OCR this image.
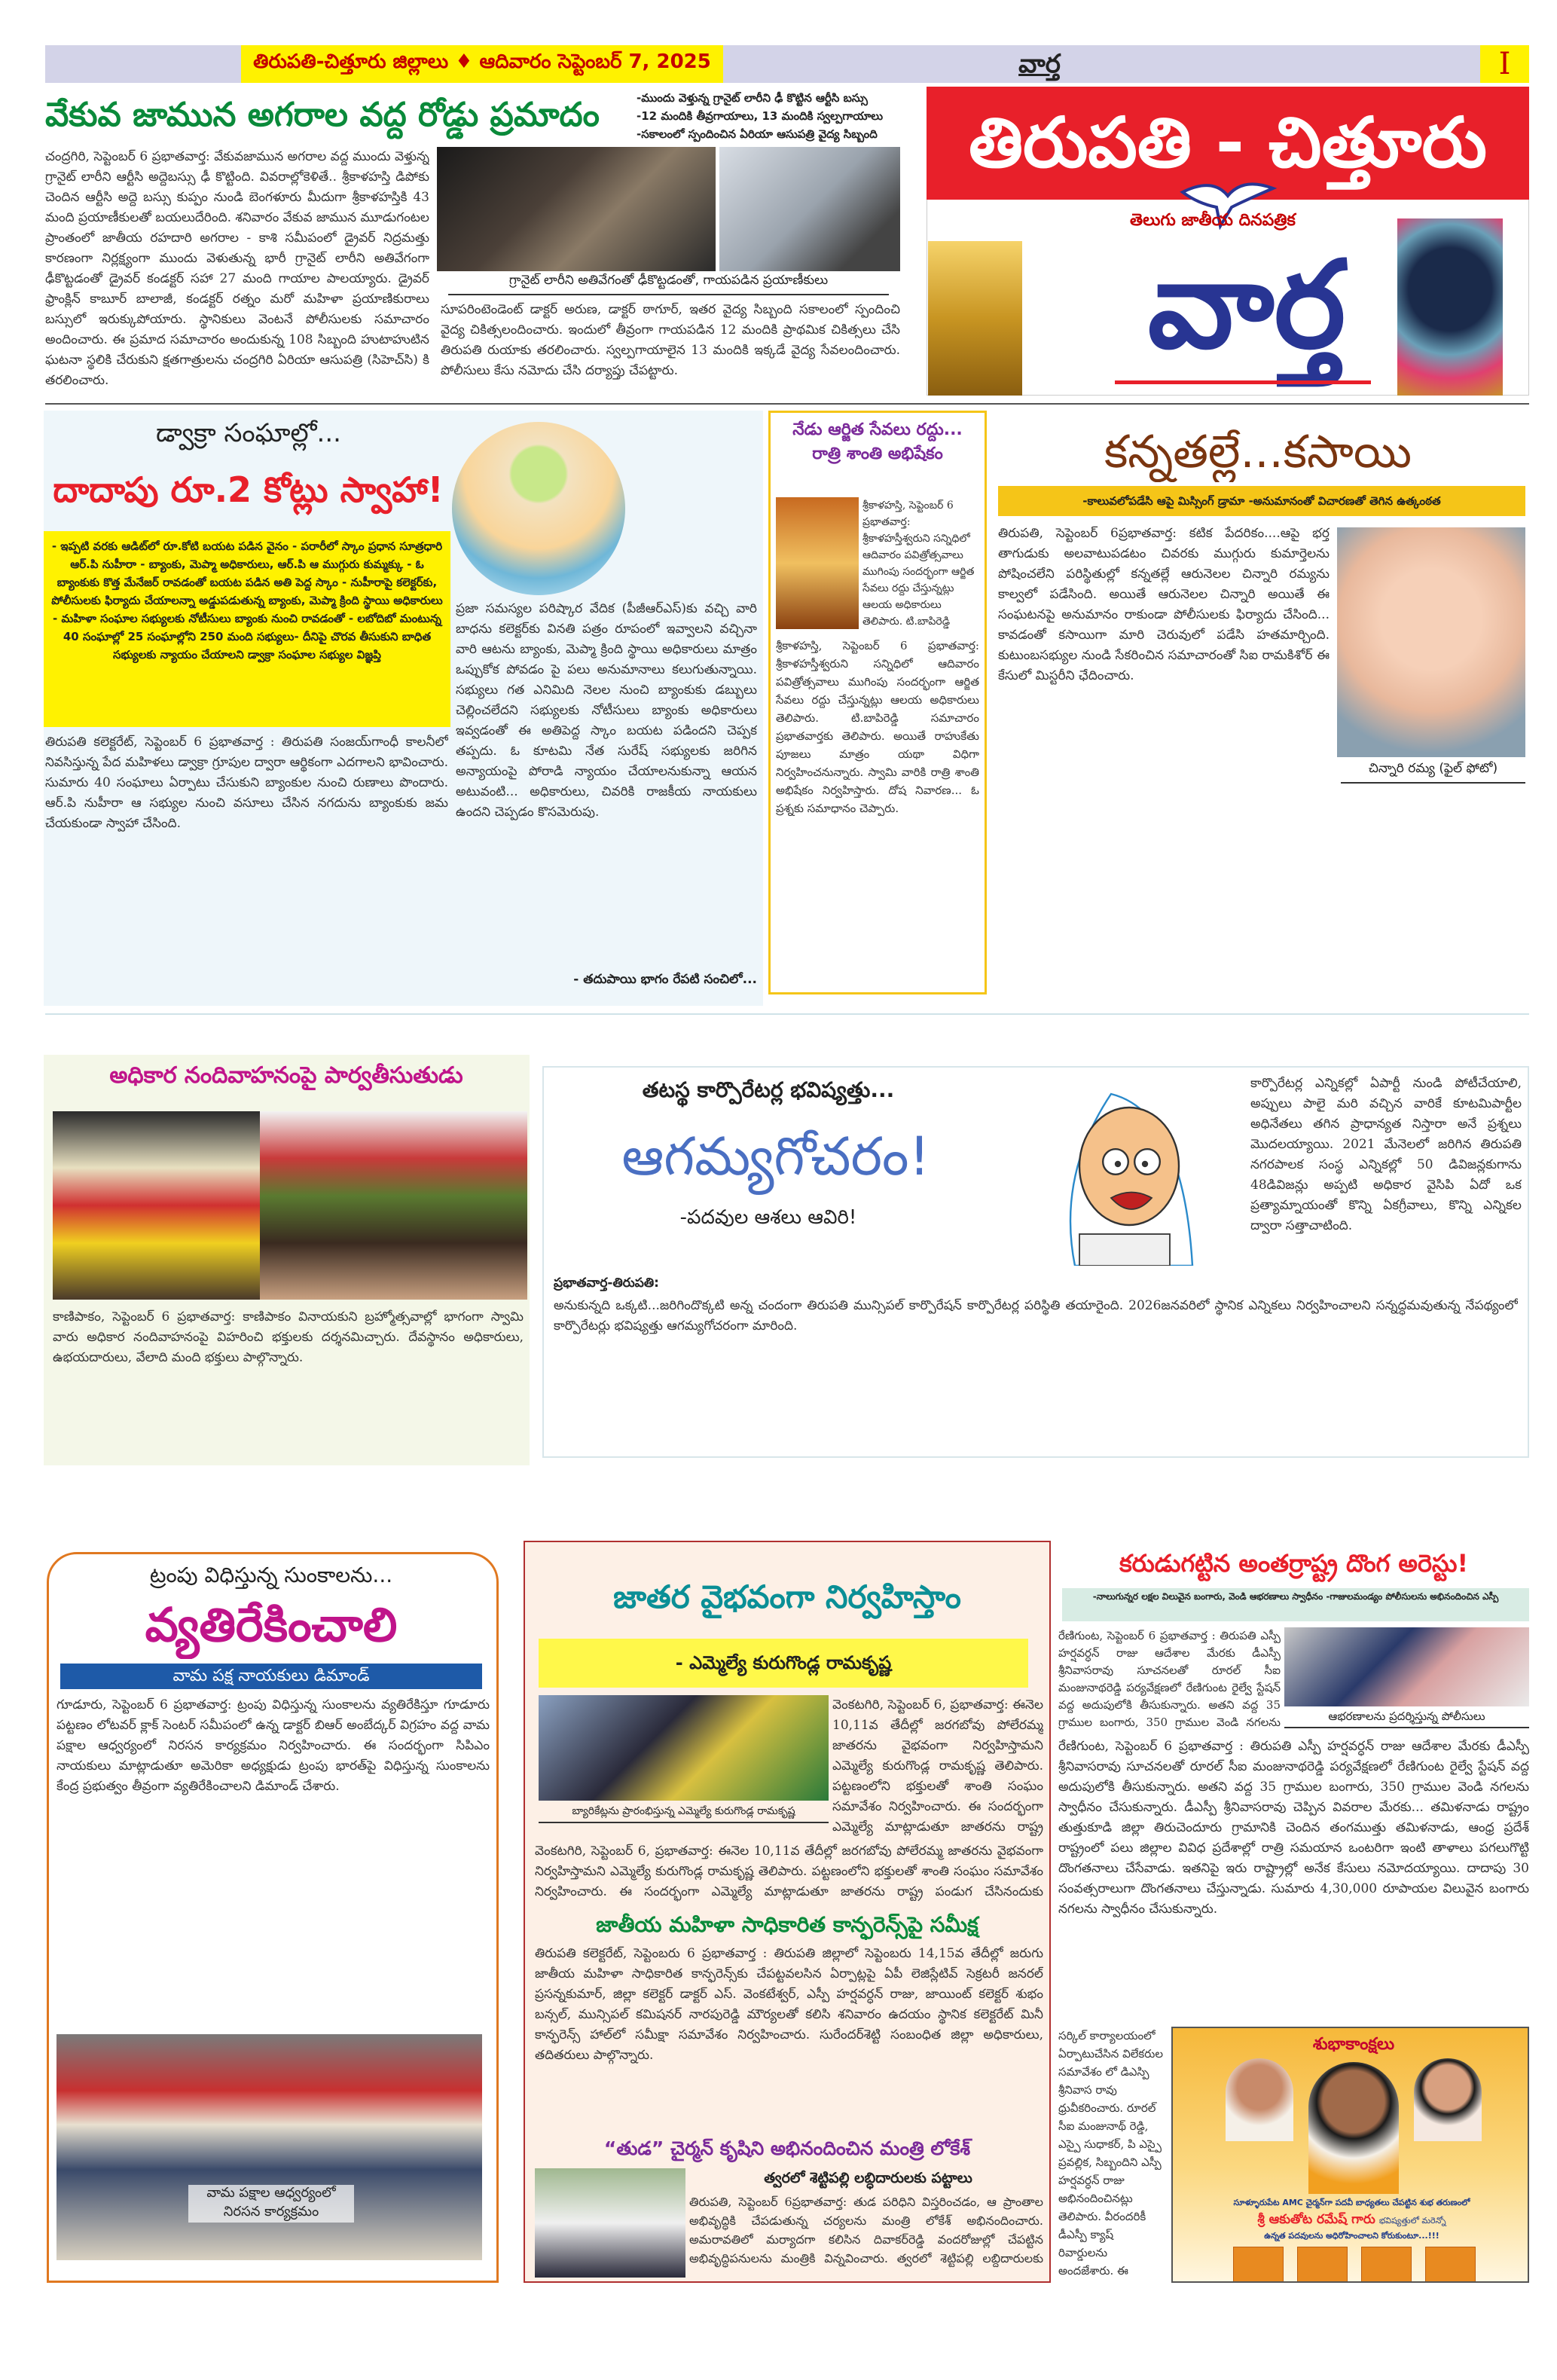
తిరుపతి-చిత్తూరు జిల్లాలు ♦ ఆదివారం సెప్టెంబర్ 7, 2025	వార్త	I
వేకువ జామున అగరాల వద్ద రోడ్డు ప్రమాదం	-ముందు వెళ్తున్న గ్రానైట్ లారీని ఢీ కొట్టిన ఆర్టీసి బస్సు
-12 మందికి తీవ్రగాయాలు, 13 మందికి స్వల్పగాయాలు
-సకాలంలో స్పందించిన ఏరియా ఆసుపత్రి వైద్య సిబ్బంది
చంద్రగిరి, సెప్టెంబర్ 6 ప్రభాతవార్త: వేకువజామున అగరాల వద్ద ముందు వెళ్తున్న గ్రానైట్ లారీని ఆర్టీసి అద్దెబస్సు ఢీ కొట్టింది. వివరాల్లోకెళితే.. శ్రీకాళహస్తి డిపోకు చెందిన ఆర్టీసి అద్దె బస్సు కుప్పం నుండి బెంగళూరు మీదుగా శ్రీకాళహస్తికి 43 మంది ప్రయాణీకులతో బయలుదేరింది. శనివారం వేకువ జామున మూడుగంటల ప్రాంతంలో జాతీయ రహదారి అగరాల - కాశి సమీపంలో డ్రైవర్ నిద్రమత్తు కారణంగా నిర్లక్ష్యంగా ముందు వెళుతున్న భారీ గ్రానైట్ లారీని అతివేగంగా ఢీకొట్టడంతో డ్రైవర్ కండక్టర్ సహా 27 మంది గాయాల పాలయ్యారు. డ్రైవర్ ఫ్రాంక్లిన్ కాబూర్ బాలాజీ, కండక్టర్ రత్నం మరో మహిళా ప్రయాణికురాలు బస్సులో ఇరుక్కుపోయారు. స్థానికులు వెంటనే పోలీసులకు సమాచారం అందించారు. ఈ ప్రమాద సమాచారం అందుకున్న 108 సిబ్బంది హుటాహుటిన ఘటనా స్థలికి చేరుకుని క్షతగాత్రులను చంద్రగిరి ఏరియా ఆసుపత్రి (సిహెచ్‌సి) కి తరలించారు.
గ్రానైట్ లారీని అతివేగంతో ఢీకొట్టడంతో, గాయపడిన ప్రయాణీకులు
సూపరింటెండెంట్ డాక్టర్ అరుణ, డాక్టర్ ఠాగూర్, ఇతర వైద్య సిబ్బంది సకాలంలో స్పందించి వైద్య చికిత్సలందించారు. ఇందులో తీవ్రంగా గాయపడిన 12 మందికి ప్రాథమిక చికిత్సలు చేసి తిరుపతి రుయాకు తరలించారు. స్వల్పగాయాలైన 13 మందికి ఇక్కడే వైద్య సేవలందించారు. పోలీసులు కేసు నమోదు చేసి దర్యాప్తు చేపట్టారు.
తిరుపతి - చిత్తూరు
తెలుగు జాతీయ దినపత్రిక
వార్త
డ్వాక్రా సంఘాల్లో...
దాదాపు రూ.2 కోట్లు స్వాహా!
- ఇప్పటి వరకు ఆడిట్‌లో రూ.కోటి బయట పడిన వైనం - పరారీలో స్కాం ప్రధాన సూత్రధారి ఆర్.పి నుహీరా - బ్యాంకు, మెప్మా అధికారులు, ఆర్.పి ఆ ముగ్గురు కుమ్మక్కు - ఓ బ్యాంకుకు కొత్త మేనేజర్ రావడంతో బయట పడిన అతి పెద్ద స్కాం - నుహీరాపై కలెక్టర్‌కు, పోలీసులకు ఫిర్యాదు చేయాలన్నా అడ్డుపడుతున్న బ్యాంకు, మెప్మా క్రింది స్థాయి అధికారులు - మహిళా సంఘాల సభ్యులకు నోటీసులు బ్యాంకు నుంచి రావడంతో - లబోదిబో మంటున్న 40 సంఘాల్లో 25 సంఘాల్లోని 250 మంది సభ్యులు- దీనిపై చొరవ తీసుకుని బాధిత సభ్యులకు న్యాయం చేయాలని డ్వాక్రా సంఘాల సభ్యుల విజ్ఞప్తి
ప్రజా సమస్యల పరిష్కార వేదిక (పీజీఆర్‌ఎస్)కు వచ్చి వారి బాధను కలెక్టర్‌కు వినతి పత్రం రూపంలో ఇవ్వాలని వచ్చినా వారి ఆటను బ్యాంకు, మెప్మా క్రింది స్థాయి అధికారులు మాత్రం ఒప్పుకోక పోవడం పై పలు అనుమానాలు కలుగుతున్నాయి. సభ్యులు గత ఎనిమిది నెలల నుంచి బ్యాంకుకు డబ్బులు చెల్లించలేదని సభ్యులకు నోటీసులు బ్యాంకు అధికారులు ఇవ్వడంతో ఈ అతిపెద్ద స్కాం బయట పడిందని చెప్పక తప్పదు. ఓ కూటమి నేత సురేష్ సభ్యులకు జరిగిన అన్యాయంపై పోరాడి న్యాయం చేయాలనుకున్నా ఆయన అటువంటి... అధికారులు, చివరికి రాజకీయ నాయకులు ఉందని చెప్పడం కొసమెరుపు.
తిరుపతి కలెక్టరేట్, సెప్టెంబర్ 6 ప్రభాతవార్త : తిరుపతి సంజయ్‌గాంధీ కాలనీలో నివసిస్తున్న పేద మహిళలు డ్వాక్రా గ్రూపుల ద్వారా ఆర్థికంగా ఎదగాలని భావించారు. సుమారు 40 సంఘాలు ఏర్పాటు చేసుకుని బ్యాంకుల నుంచి రుణాలు పొందారు. ఆర్.పి నుహీరా ఆ సభ్యుల నుంచి వసూలు చేసిన నగదును బ్యాంకుకు జమ చేయకుండా స్వాహా చేసింది.
- తదుపాయి భాగం రేపటి సంచిలో...
నేడు ఆర్జిత సేవలు రద్దు... రాత్రి శాంతి అభిషేకం
శ్రీకాళహస్తి, సెప్టెంబర్ 6 ప్రభాతవార్త: శ్రీకాళహస్తీశ్వరుని సన్నిధిలో ఆదివారం పవిత్రోత్సవాలు ముగింపు సందర్భంగా ఆర్జిత సేవలు రద్దు చేస్తున్నట్లు ఆలయ అధికారులు తెలిపారు. టి.బాపిరెడ్డి
శ్రీకాళహస్తి, సెప్టెంబర్ 6 ప్రభాతవార్త: శ్రీకాళహస్తీశ్వరుని సన్నిధిలో ఆదివారం పవిత్రోత్సవాలు ముగింపు సందర్భంగా ఆర్జిత సేవలు రద్దు చేస్తున్నట్లు ఆలయ అధికారులు తెలిపారు. టి.బాపిరెడ్డి సమాచారం ప్రభాతవార్తకు తెలిపారు. అయితే రాహుకేతు పూజలు మాత్రం యథా విధిగా నిర్వహించనున్నారు. స్వామి వారికి రాత్రి శాంతి అభిషేకం నిర్వహిస్తారు. దోష నివారణ... ఓ ప్రశ్నకు సమాధానం చెప్పారు.
కన్నతల్లే...కసాయి
-కాలువలోపడేసి ఆపై మిస్సింగ్ డ్రామా -అనుమానంతో విచారణతో తెగిన ఉత్కంఠత
చిన్నారి రమ్య (ఫైల్ ఫోటో)
తిరుపతి, సెప్టెంబర్ 6ప్రభాతవార్త: కటిక పేదరికం....ఆపై భర్త తాగుడుకు అలవాటుపడటం చివరకు ముగ్గురు కుమార్తెలను పోషించలేని పరిస్థితుల్లో కన్నతల్లే ఆరునెలల చిన్నారి రమ్యను కాల్వలో పడేసింది. అయితే ఆరునెలల చిన్నారి అయితే ఈ సంఘటనపై అనుమానం రాకుండా పోలీసులకు ఫిర్యాదు చేసింది... కావడంతో కసాయిగా మారి చెరువులో పడేసి హతమార్చింది. కుటుంబసభ్యుల నుండి సేకరించిన సమాచారంతో సిఐ రామకిశోర్ ఈ కేసులో మిస్టరీని ఛేదించారు.
అధికార నందివాహనంపై పార్వతీసుతుడు
కాణిపాకం, సెప్టెంబర్ 6 ప్రభాతవార్త: కాణిపాకం వినాయకుని బ్రహ్మోత్సవాల్లో భాగంగా స్వామి వారు అధికార నందివాహనంపై విహరించి భక్తులకు దర్శనమిచ్చారు. దేవస్థానం అధికారులు, ఉభయదారులు, వేలాది మంది భక్తులు పాల్గొన్నారు.
తటస్థ కార్పొరేటర్ల భవిష్యత్తు...
ఆగమ్యగోచరం!
-పదవుల ఆశలు ఆవిరి!
ప్రభాతవార్త-తిరుపతి:
అనుకున్నది ఒక్కటి...జరిగిందొక్కటి అన్న చందంగా తిరుపతి మున్సిపల్ కార్పొరేషన్ కార్పొరేటర్ల పరిస్థితి తయారైంది. 2026జనవరిలో స్థానిక ఎన్నికలు నిర్వహించాలని సన్నద్ధమవుతున్న నేపథ్యంలో కార్పొరేటర్లు భవిష్యత్తు ఆగమ్యగోచరంగా మారింది.
కార్పొరేటర్ల ఎన్నికల్లో ఏపార్టీ నుండి పోటీచేయాలి, అప్పులు పాలై మరి వచ్చిన వారికే కూటమిపార్టీల అధినేతలు తగిన ప్రాధాన్యత నిస్తారా అనే ప్రశ్నలు మొదలయ్యాయి. 2021 మేనెలలో జరిగిన తిరుపతి నగరపాలక సంస్థ ఎన్నికల్లో 50 డివిజన్లకుగాను 48డివిజన్లు అప్పటి అధికార వైసిపి ఏదో ఒక ప్రత్యామ్నాయంతో కొన్ని ఏకగ్రీవాలు, కొన్ని ఎన్నికల ద్వారా సత్తాచాటింది.
ట్రంపు విధిస్తున్న సుంకాలను...
వ్యతిరేకించాలి
వామ పక్ష నాయకులు డిమాండ్
గూడూరు, సెప్టెంబర్ 6 ప్రభాతవార్త: ట్రంపు విధిస్తున్న సుంకాలను వ్యతిరేకిస్తూ గూడూరు పట్టణం లోటవర్ క్లాక్ సెంటర్ సమీపంలో ఉన్న డాక్టర్ బిఆర్ అంబేద్కర్ విగ్రహం వద్ద వామ పక్షాల ఆధ్వర్యంలో నిరసన కార్యక్రమం నిర్వహించారు. ఈ సందర్భంగా సిపిఎం నాయకులు మాట్లాడుతూ అమెరికా అధ్యక్షుడు ట్రంపు భారత్‌పై విధిస్తున్న సుంకాలను కేంద్ర ప్రభుత్వం తీవ్రంగా వ్యతిరేకించాలని డిమాండ్ చేశారు.
వామ పక్షాల ఆధ్వర్యంలో నిరసన కార్యక్రమం
జాతర వైభవంగా నిర్వహిస్తాం
- ఎమ్మెల్యే కురుగొండ్ల రామకృష్ణ
బ్యారికేట్లను ప్రారంభిస్తున్న ఎమ్మెల్యే కురుగొండ్ల రామకృష్ణ
వెంకటగిరి, సెప్టెంబర్ 6, ప్రభాతవార్త: ఈనెల 10,11వ తేదీల్లో జరగబోవు పోలేరమ్మ జాతరను వైభవంగా నిర్వహిస్తామని ఎమ్మెల్యే కురుగొండ్ల రామకృష్ణ తెలిపారు. పట్టణంలోని భక్తులతో శాంతి సంఘం సమావేశం నిర్వహించారు. ఈ సందర్భంగా ఎమ్మెల్యే మాట్లాడుతూ జాతరను రాష్ట్ర
వెంకటగిరి, సెప్టెంబర్ 6, ప్రభాతవార్త: ఈనెల 10,11వ తేదీల్లో జరగబోవు పోలేరమ్మ జాతరను వైభవంగా నిర్వహిస్తామని ఎమ్మెల్యే కురుగొండ్ల రామకృష్ణ తెలిపారు. పట్టణంలోని భక్తులతో శాంతి సంఘం సమావేశం నిర్వహించారు. ఈ సందర్భంగా ఎమ్మెల్యే మాట్లాడుతూ జాతరను రాష్ట్ర పండుగ చేసినందుకు
జాతీయ మహిళా సాధికారిత కాన్ఫరెన్స్‌పై సమీక్ష
తిరుపతి కలెక్టరేట్, సెప్టెంబరు 6 ప్రభాతవార్త : తిరుపతి జిల్లాలో సెప్టెంబరు 14,15వ తేదీల్లో జరుగు జాతీయ మహిళా సాధికారిత కాన్ఫరెన్స్‌కు చేపట్టవలసిన ఏర్పాట్లపై ఏపీ లెజిస్లేటివ్ సెక్రటరీ జనరల్ ప్రసన్నకుమార్, జిల్లా కలెక్టర్ డాక్టర్ ఎస్. వెంకటేశ్వర్, ఎస్పీ హర్షవర్ధన్ రాజు, జాయింట్ కలెక్టర్ శుభం బన్సల్, మున్సిపల్ కమిషనర్ నారపురెడ్డి మౌర్యలతో కలిసి శనివారం ఉదయం స్థానిక కలెక్టరేట్ మినీ కాన్ఫరెన్స్ హాల్‌లో సమీక్షా సమావేశం నిర్వహించారు. సురేందర్‌శెట్టి సంబంధిత జిల్లా అధికారులు, తదితరులు పాల్గొన్నారు.
“తుడ” చైర్మన్ కృషిని అభినందించిన మంత్రి లోకేశ్
త్వరలో శెట్టిపల్లి లబ్ధిదారులకు పట్టాలు
తిరుపతి, సెప్టెంబర్ 6ప్రభాతవార్త: తుడ పరిధిని విస్తరించడం, ఆ ప్రాంతాల అభివృద్ధికి చేపడుతున్న చర్యలను మంత్రి లోకేశ్ అభినందించారు. అమరావతిలో మర్యాదగా కలిసిన దివాకర్‌రెడ్డి వందరోజుల్లో చేపట్టిన అభివృద్ధిపనులను మంత్రికి విన్నవించారు. త్వరలో శెట్టిపల్లి లబ్దిదారులకు
కరుడుగట్టిన అంతర్రాష్ట్ర దొంగ అరెస్టు!
-నాలుగున్నర లక్షల విలువైన బంగారు, వెండి ఆభరణాలు స్వాధీనం -గాజులమండ్యం పోలీసులను అభినందించిన ఎస్పీ
ఆభరణాలను ప్రదర్శిస్తున్న పోలీసులు
రేణిగుంట, సెప్టెంబర్ 6 ప్రభాతవార్త : తిరుపతి ఎస్పీ హర్షవర్ధన్ రాజు ఆదేశాల మేరకు డీఎస్పీ శ్రీనివాసరావు సూచనలతో రూరల్ సీఐ మంజునాథరెడ్డి పర్యవేక్షణలో రేణిగుంట రైల్వే స్టేషన్ వద్ద అదుపులోకి తీసుకున్నారు. అతని వద్ద 35 గ్రాముల బంగారు, 350 గ్రాముల వెండి నగలను
రేణిగుంట, సెప్టెంబర్ 6 ప్రభాతవార్త : తిరుపతి ఎస్పీ హర్షవర్ధన్ రాజు ఆదేశాల మేరకు డీఎస్పీ శ్రీనివాసరావు సూచనలతో రూరల్ సీఐ మంజునాథరెడ్డి పర్యవేక్షణలో రేణిగుంట రైల్వే స్టేషన్ వద్ద అదుపులోకి తీసుకున్నారు. అతని వద్ద 35 గ్రాముల బంగారు, 350 గ్రాముల వెండి నగలను స్వాధీనం చేసుకున్నారు. డీఎస్పీ శ్రీనివాసరావు చెప్పిన వివరాల మేరకు... తమిళనాడు రాష్ట్రం తుత్తుకూడి జిల్లా తిరుచెందూరు గ్రామానికి చెందిన తంగముత్తు తమిళనాడు, ఆంధ్ర ప్రదేశ్ రాష్ట్రంలో పలు జిల్లాల వివిధ ప్రదేశాల్లో రాత్రి సమయాన ఒంటరిగా ఇంటి తాళాలు పగలుగొట్టి దొంగతనాలు చేసేవాడు. ఇతనిపై ఇరు రాష్ట్రాల్లో అనేక కేసులు నమోదయ్యాయి. దాదాపు 30 సంవత్సరాలుగా దొంగతనాలు చేస్తున్నాడు. సుమారు 4,30,000 రూపాయల విలువైన బంగారు నగలను స్వాధీనం చేసుకున్నారు.
సర్కిల్ కార్యాలయంలో ఏర్పాటుచేసిన విలేకరుల సమావేశం లో డిఎస్పి శ్రీనివాస రావు ధ్రువీకరించారు. రూరల్ సీఐ మంజునాథ్ రెడ్డి, ఎస్పై సుధాకర్, పి ఎస్పై ప్రవల్లిక, సిబ్బందిని ఎస్పీ హర్షవర్ధన్ రాజు అభినందించినట్లు తెలిపారు. వీరందరికీ డీఎస్పీ క్యాష్ రివార్డులను అందజేశారు. ఈ
శుభాకాంక్షలు
సూళ్ళూరుపేట AMC చైర్మన్‌గా పదవీ బాధ్యతలు చేపట్టిన శుభ తరుణంలో
శ్రీ ఆకుతోట రమేష్ గారు భవిష్యత్తులో మరెన్నో
ఉన్నత పదవులను అధిరోహించాలని కోరుకుంటూ...!!!
